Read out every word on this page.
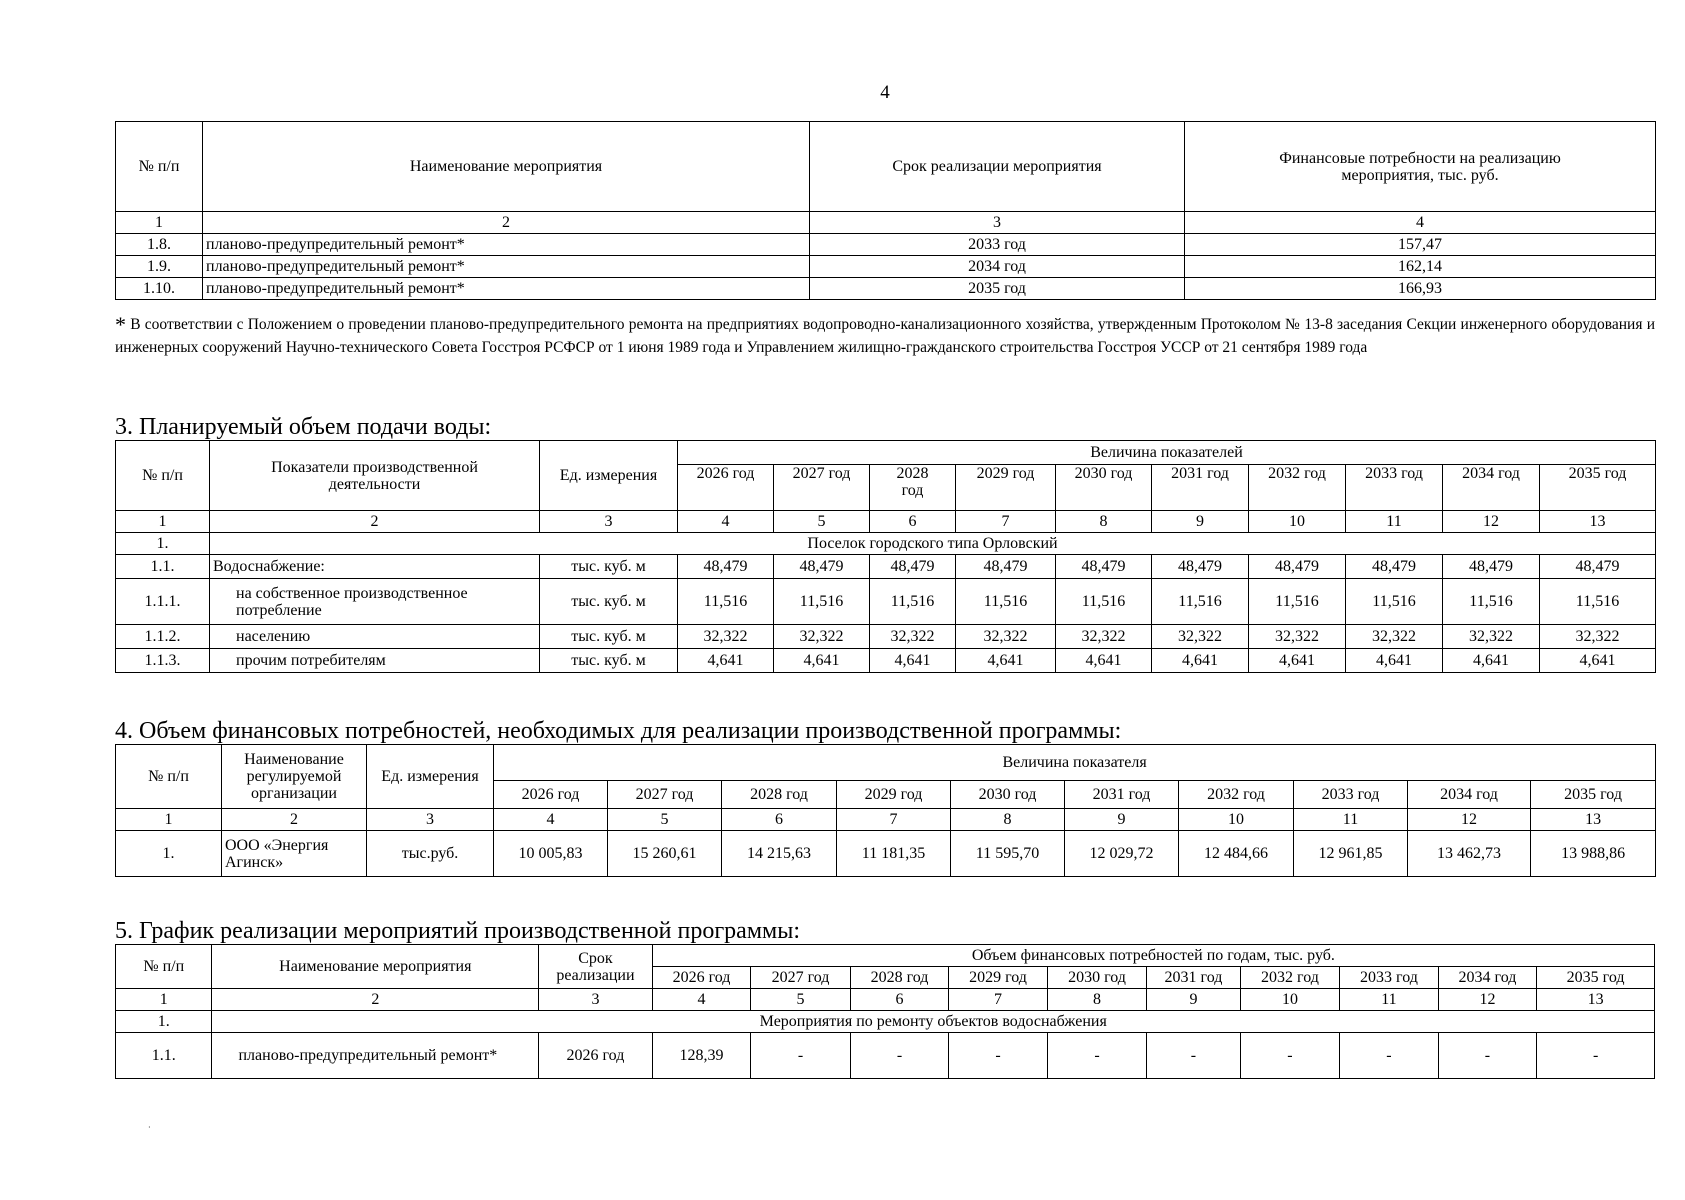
4
№ п/п	Наименование мероприятия	Срок реализации мероприятия	Финансовые потребности на реализацию мероприятия, тыс. руб.
1	2	3	4
1.8.	планово-предупредительный ремонт*	2033 год	157,47
1.9.	планово-предупредительный ремонт*	2034 год	162,14
1.10.	планово-предупредительный ремонт*	2035 год	166,93
* В соответствии с Положением о проведении планово-предупредительного ремонта на предприятиях водопроводно-канализационного хозяйства, утвержденным Протоколом № 13-8 заседания Секции инженерного оборудования и инженерных сооружений Научно-технического Совета Госстроя РСФСР от 1 июня 1989 года и Управлением жилищно-гражданского строительства Госстроя УССР от 21 сентября 1989 года
3. Планируемый объем подачи воды:
№ п/п	Показатели производственной деятельности	Ед. измерения	Величина показателей									
			2026 год	2027 год	2028 год	2029 год	2030 год	2031 год	2032 год	2033 год	2034 год	2035 год
1	2	3	4	5	6	7	8	9	10	11	12	13
1.	Поселок городского типа Орловский											
1.1.	Водоснабжение:	тыс. куб. м	48,479	48,479	48,479	48,479	48,479	48,479	48,479	48,479	48,479	48,479
1.1.1.	на собственное производственное потребление	тыс. куб. м	11,516	11,516	11,516	11,516	11,516	11,516	11,516	11,516	11,516	11,516
1.1.2.	населению	тыс. куб. м	32,322	32,322	32,322	32,322	32,322	32,322	32,322	32,322	32,322	32,322
1.1.3.	прочим потребителям	тыс. куб. м	4,641	4,641	4,641	4,641	4,641	4,641	4,641	4,641	4,641	4,641
4. Объем финансовых потребностей, необходимых для реализации производственной программы:
№ п/п	Наименование регулируемой организации	Ед. измерения	Величина показателя									
			2026 год	2027 год	2028 год	2029 год	2030 год	2031 год	2032 год	2033 год	2034 год	2035 год
1	2	3	4	5	6	7	8	9	10	11	12	13
1.	ООО «Энергия Агинск»	тыс.руб.	10 005,83	15 260,61	14 215,63	11 181,35	11 595,70	12 029,72	12 484,66	12 961,85	13 462,73	13 988,86
5. График реализации мероприятий производственной программы:
№ п/п	Наименование мероприятия	Срок реализации	Объем финансовых потребностей по годам, тыс. руб.									
			2026 год	2027 год	2028 год	2029 год	2030 год	2031 год	2032 год	2033 год	2034 год	2035 год
1	2	3	4	5	6	7	8	9	10	11	12	13
1.	Мероприятия по ремонту объектов водоснабжения											
1.1.	планово-предупредительный ремонт*	2026 год	128,39	-	-	-	-	-	-	-	-	-
·
